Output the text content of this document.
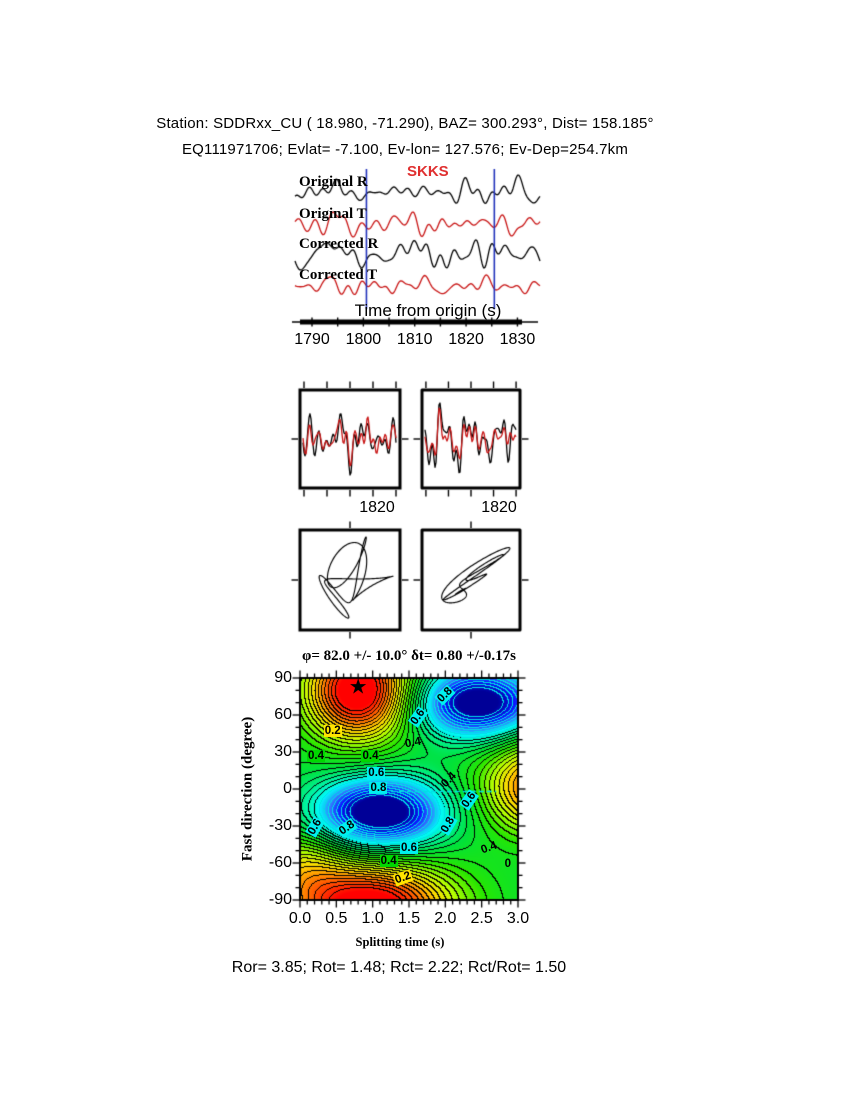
Station: SDDRxx_CU ( 18.980, -71.290), BAZ= 300.293°, Dist= 158.185°
EQ111971706; Evlat= -7.100, Ev-lon= 127.576; Ev-Dep=254.7km
SKKS
Original R
Original T
Corrected R
Corrected T
Time from origin (s)
1790 1800 1810 1820 1830
1820	1820
φ= 82.0 +/- 10.0° δt= 0.80 +/-0.17s
Fast direction (degree)
★
90
60
30
0
-30
-60
-90
0.0 0.5 1.0 1.5 2.0 2.5 3.0
0.2
0.4	0.4
0.6
0.8
0.6
0.8
0.4
0.4
0.6
0.8
0.6 0.8
0.6
0.4
0.2
0.4
0
Splitting time (s)
Ror= 3.85; Rot= 1.48; Rct= 2.22; Rct/Rot= 1.50
